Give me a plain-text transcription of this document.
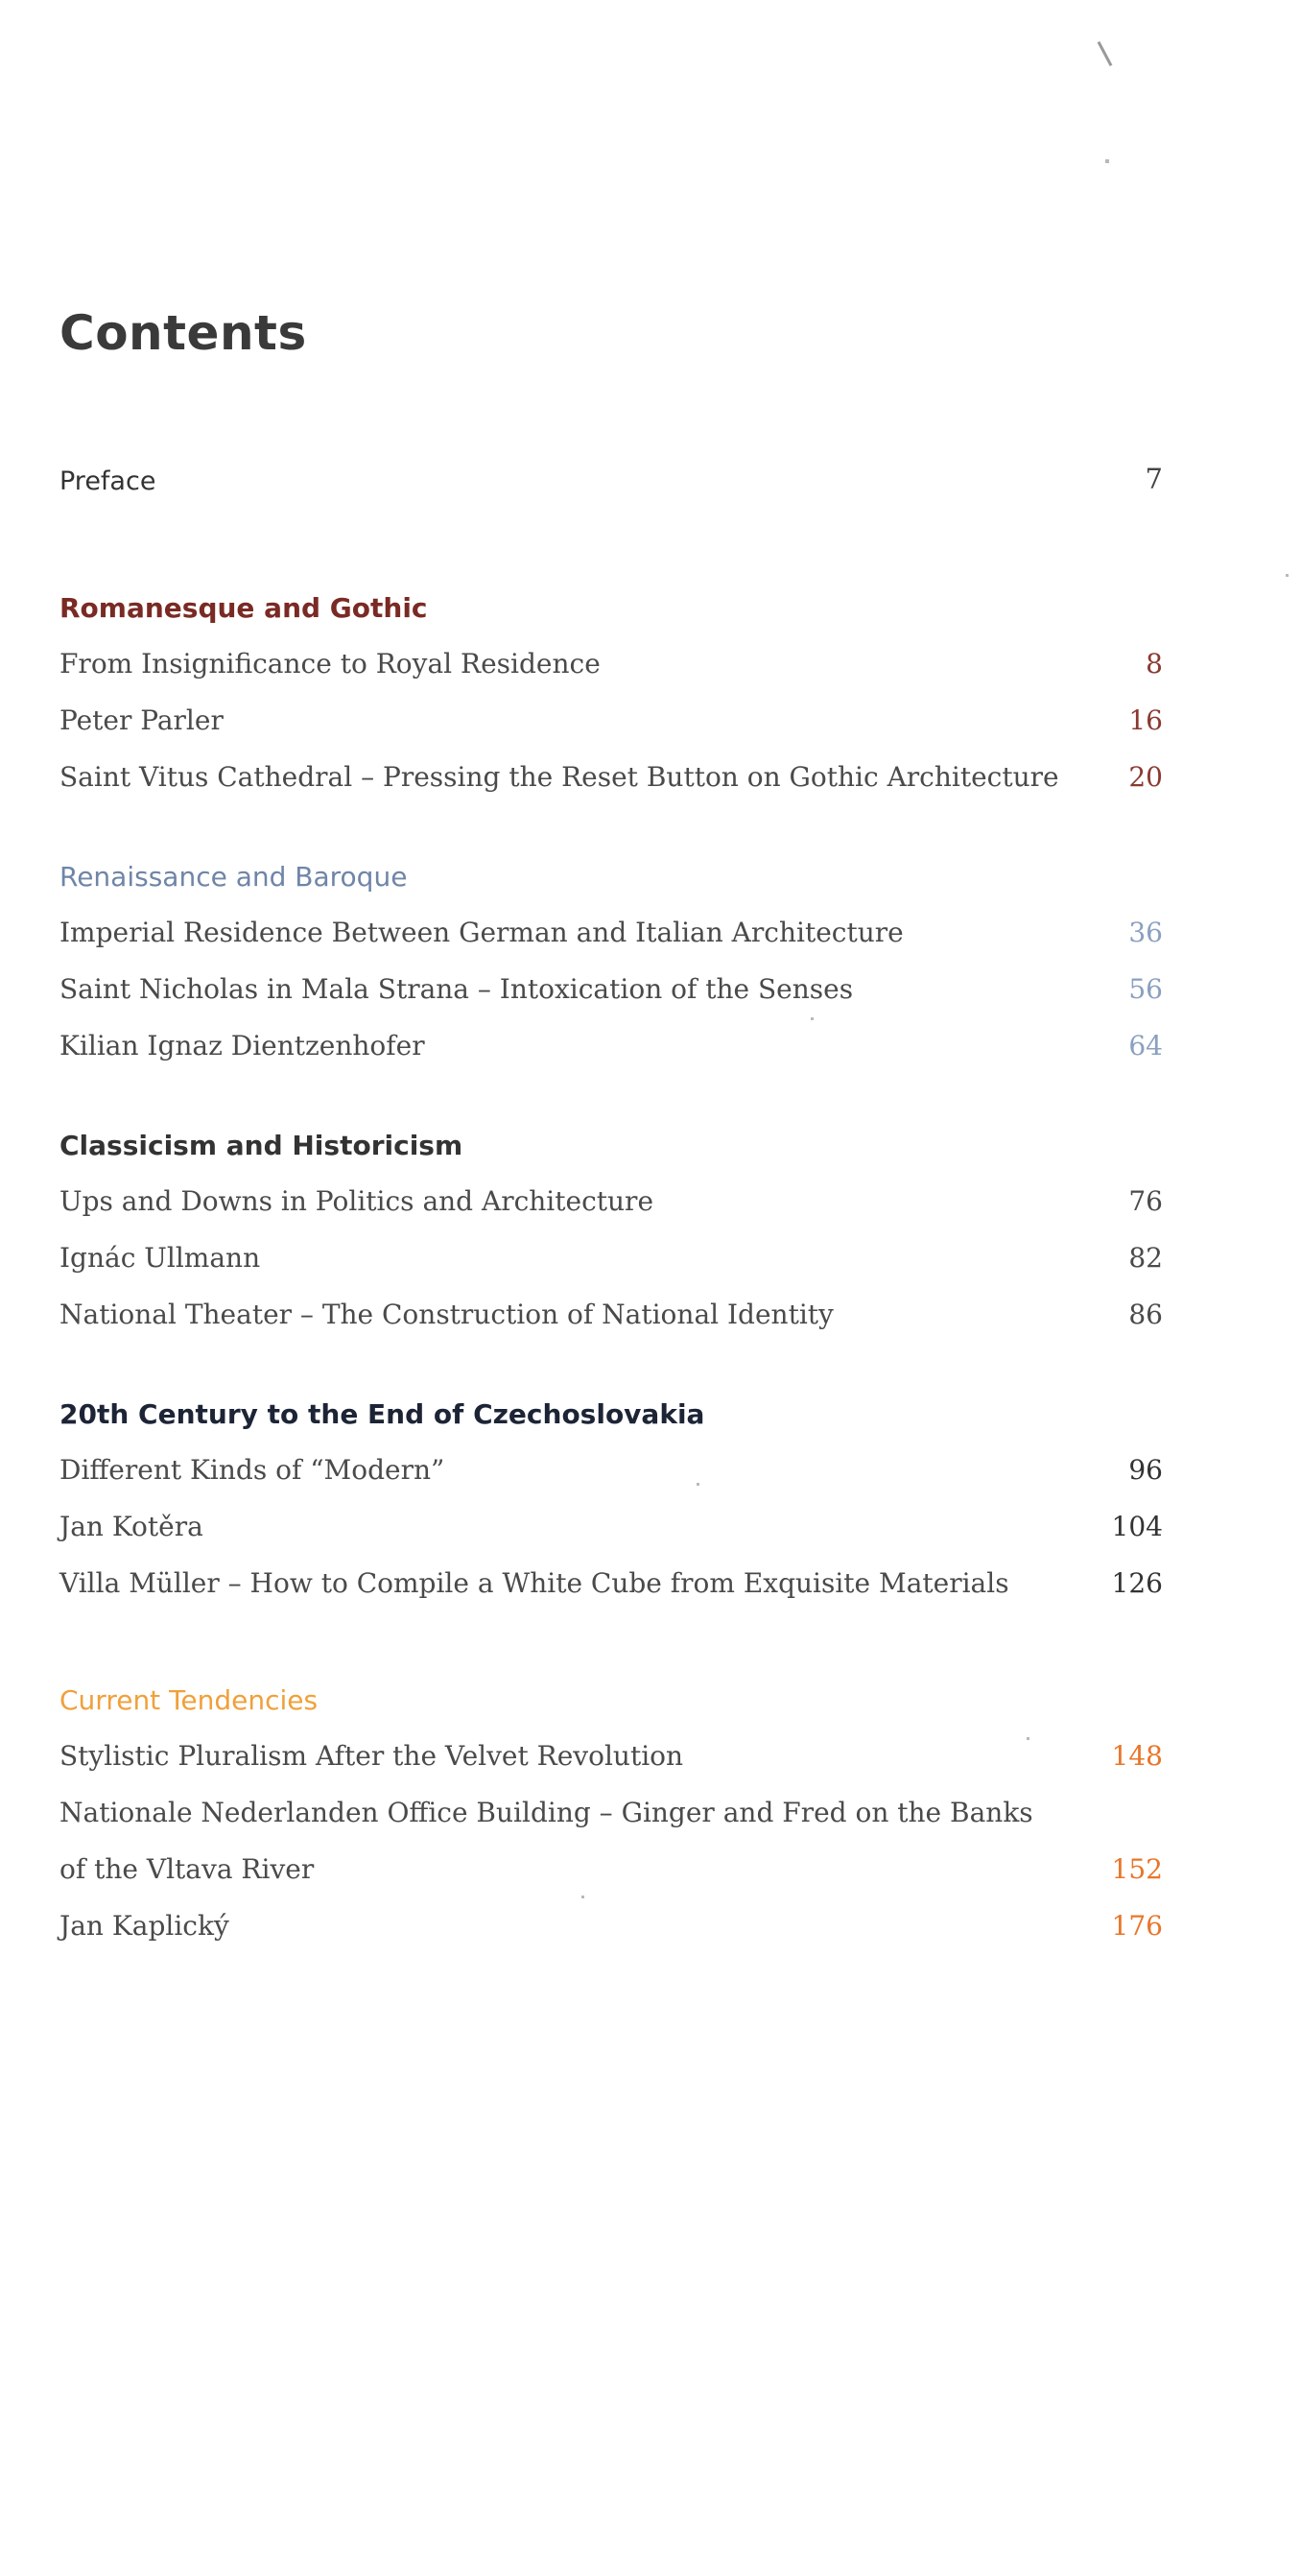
Contents
Preface	7
Romanesque and Gothic
From Insignificance to Royal Residence	8
Peter Parler	16
Saint Vitus Cathedral – Pressing the Reset Button on Gothic Architecture	20
Renaissance and Baroque
Imperial Residence Between German and Italian Architecture	36
Saint Nicholas in Mala Strana – Intoxication of the Senses	56
Kilian Ignaz Dientzenhofer	64
Classicism and Historicism
Ups and Downs in Politics and Architecture	76
Ignác Ullmann	82
National Theater – The Construction of National Identity	86
20th Century to the End of Czechoslovakia
Different Kinds of “Modern”	96
Jan Kotěra	104
Villa Müller – How to Compile a White Cube from Exquisite Materials	126
Current Tendencies
Stylistic Pluralism After the Velvet Revolution	148
Nationale Nederlanden Office Building – Ginger and Fred on the Banks
of the Vltava River	152
Jan Kaplický	176
